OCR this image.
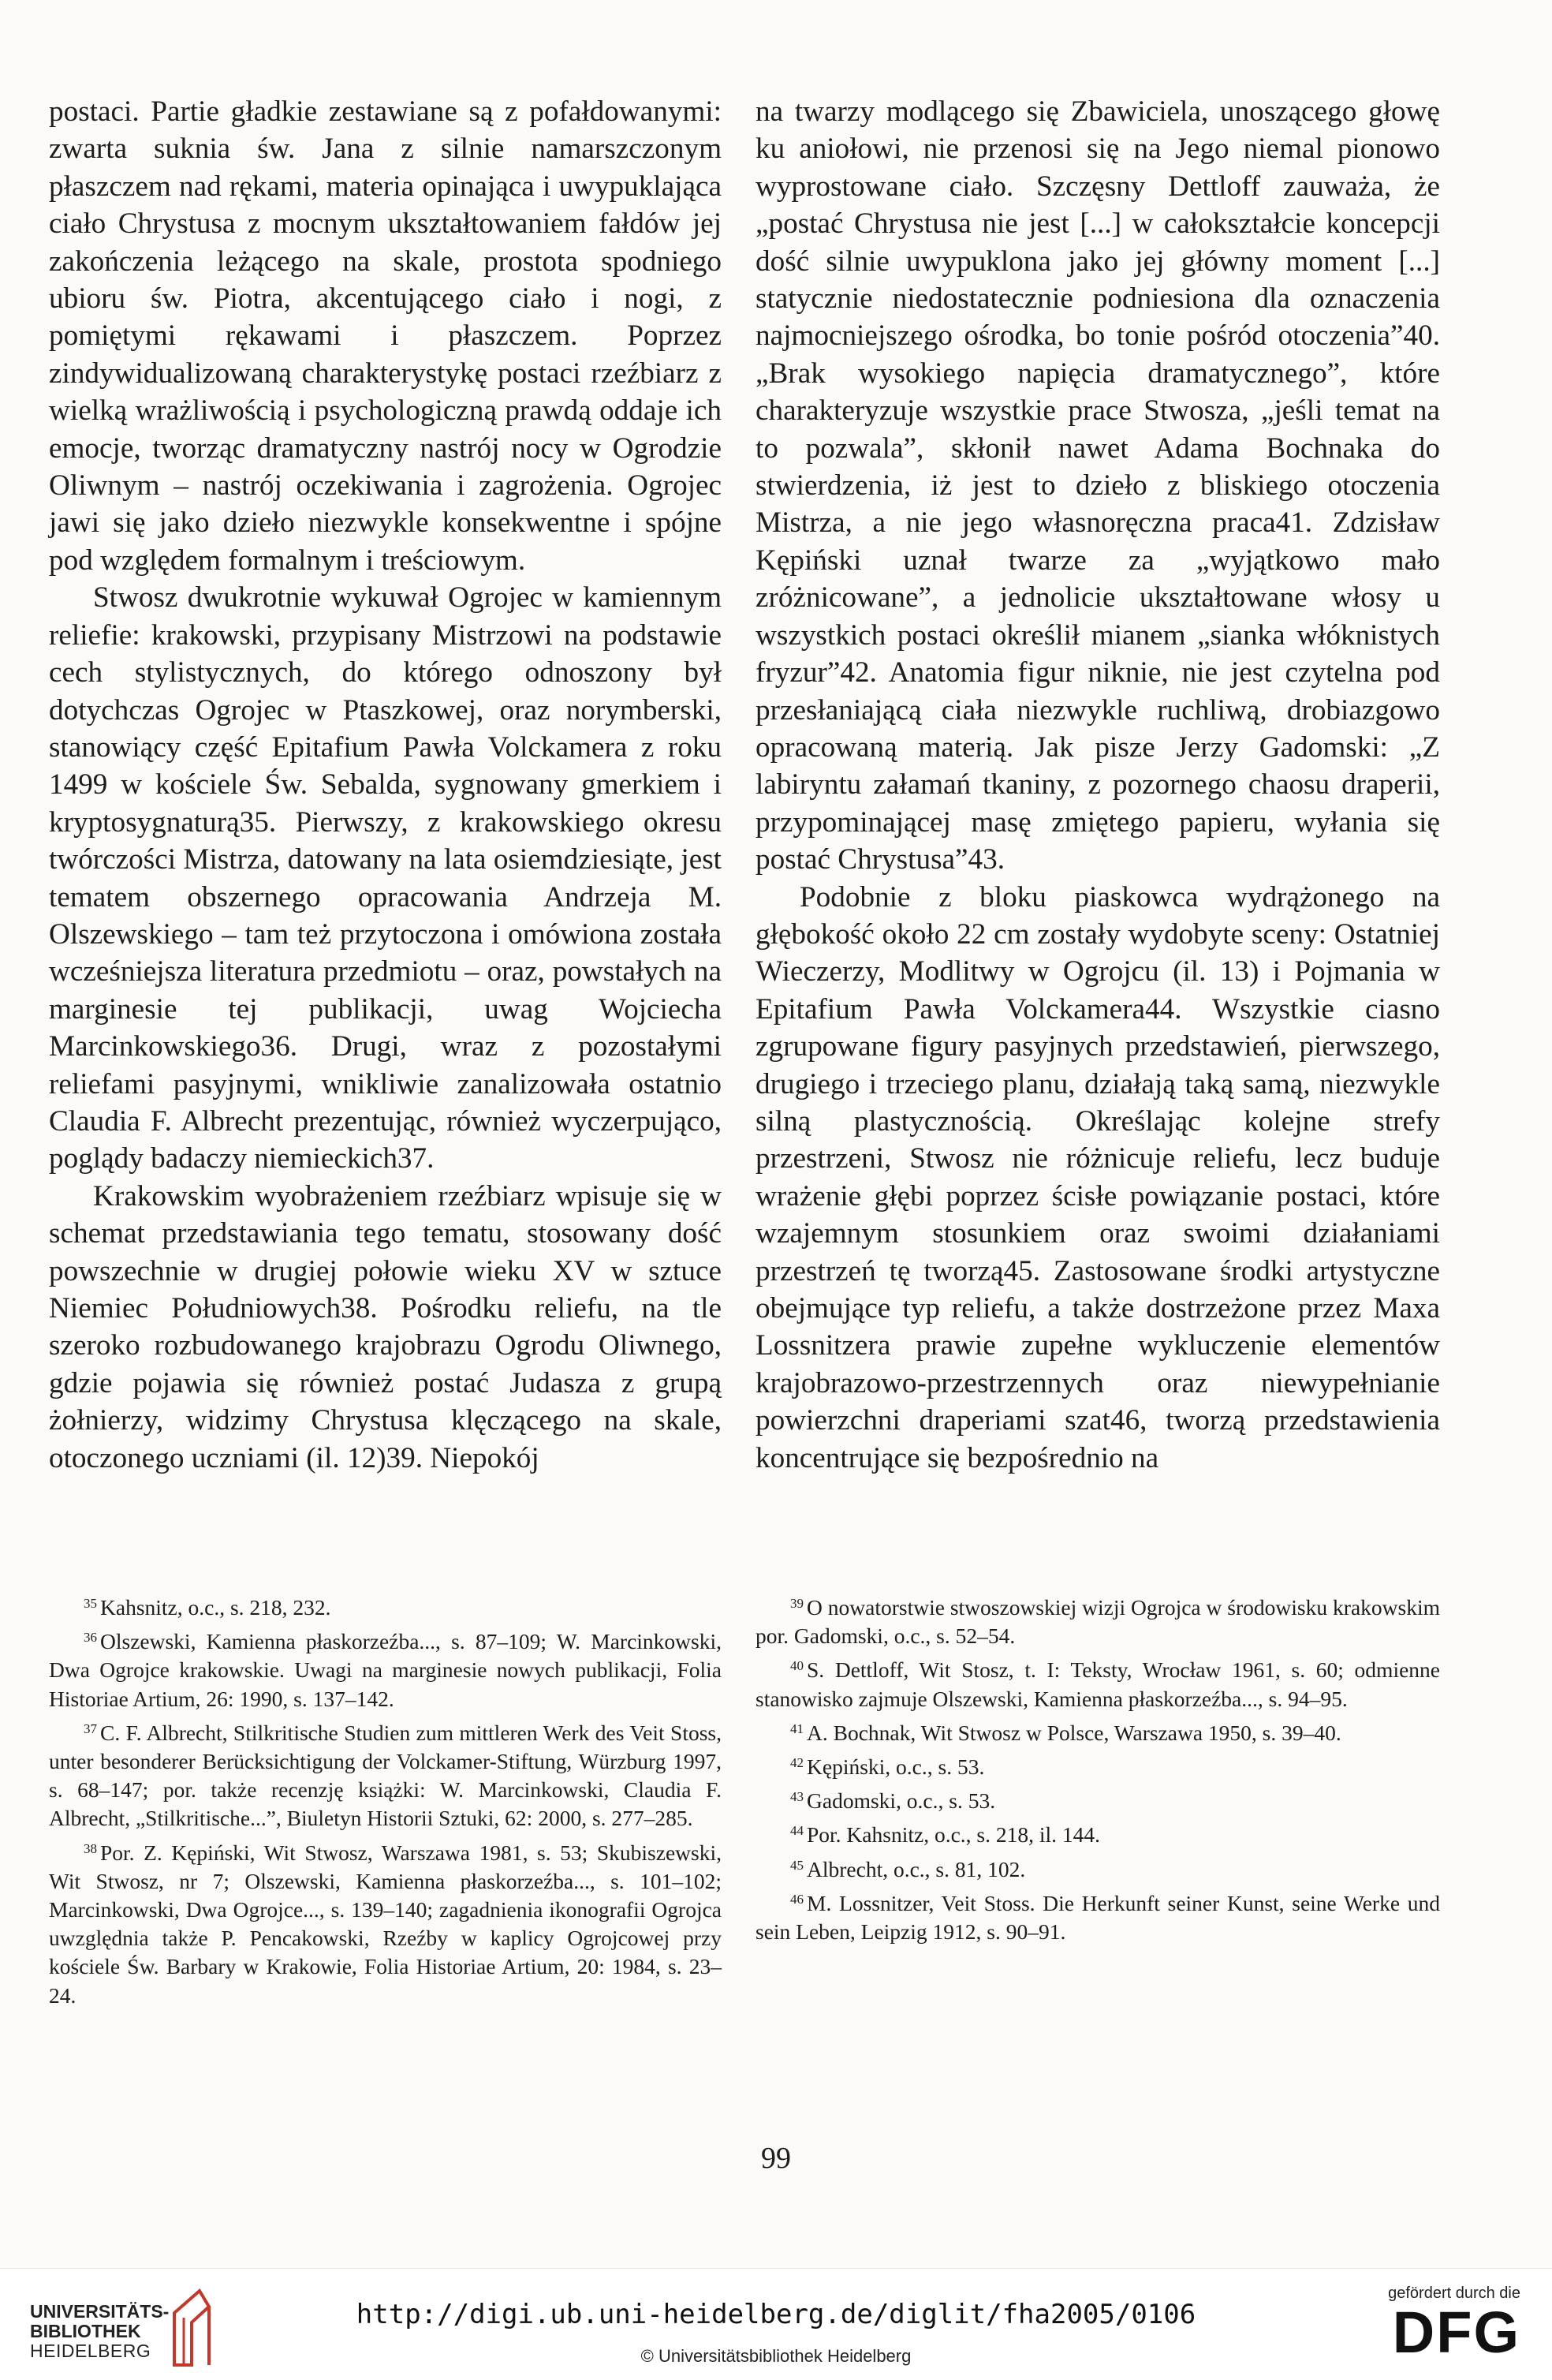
postaci. Partie gładkie zestawiane są z pofałdowanymi: zwarta suknia św. Jana z silnie namarszczonym płaszczem nad rękami, materia opinająca i uwypuklająca ciało Chrystusa z mocnym ukształtowaniem fałdów jej zakończenia leżącego na skale, prostota spodniego ubioru św. Piotra, akcentującego ciało i nogi, z pomiętymi rękawami i płaszczem. Poprzez zindywidualizowaną charakterystykę postaci rzeźbiarz z wielką wrażliwością i psychologiczną prawdą oddaje ich emocje, tworząc dramatyczny nastrój nocy w Ogrodzie Oliwnym – nastrój oczekiwania i zagrożenia. Ogrojec jawi się jako dzieło niezwykle konsekwentne i spójne pod względem formalnym i treściowym.

Stwosz dwukrotnie wykuwał Ogrojec w kamiennym reliefie: krakowski, przypisany Mistrzowi na podstawie cech stylistycznych, do którego odnoszony był dotychczas Ogrojec w Ptaszkowej, oraz norymberski, stanowiący część Epitafium Pawła Volckamera z roku 1499 w kościele Św. Sebalda, sygnowany gmerkiem i kryptosygnaturą35. Pierwszy, z krakowskiego okresu twórczości Mistrza, datowany na lata osiemdziesiąte, jest tematem obszernego opracowania Andrzeja M. Olszewskiego – tam też przytoczona i omówiona została wcześniejsza literatura przedmiotu – oraz, powstałych na marginesie tej publikacji, uwag Wojciecha Marcinkowskiego36. Drugi, wraz z pozostałymi reliefami pasyjnymi, wnikliwie zanalizowała ostatnio Claudia F. Albrecht prezentując, również wyczerpująco, poglądy badaczy niemieckich37.

Krakowskim wyobrażeniem rzeźbiarz wpisuje się w schemat przedstawiania tego tematu, stosowany dość powszechnie w drugiej połowie wieku XV w sztuce Niemiec Południowych38. Pośrodku reliefu, na tle szeroko rozbudowanego krajobrazu Ogrodu Oliwnego, gdzie pojawia się również postać Judasza z grupą żołnierzy, widzimy Chrystusa klęczącego na skale, otoczonego uczniami (il. 12)39. Niepokój

na twarzy modlącego się Zbawiciela, unoszącego głowę ku aniołowi, nie przenosi się na Jego niemal pionowo wyprostowane ciało. Szczęsny Dettloff zauważa, że „postać Chrystusa nie jest [...] w całokształcie koncepcji dość silnie uwypuklona jako jej główny moment [...] statycznie niedostatecznie podniesiona dla oznaczenia najmocniejszego ośrodka, bo tonie pośród otoczenia”40. „Brak wysokiego napięcia dramatycznego”, które charakteryzuje wszystkie prace Stwosza, „jeśli temat na to pozwala”, skłonił nawet Adama Bochnaka do stwierdzenia, iż jest to dzieło z bliskiego otoczenia Mistrza, a nie jego własnoręczna praca41. Zdzisław Kępiński uznał twarze za „wyjątkowo mało zróżnicowane”, a jednolicie ukształtowane włosy u wszystkich postaci określił mianem „sianka włóknistych fryzur”42. Anatomia figur niknie, nie jest czytelna pod przesłaniającą ciała niezwykle ruchliwą, drobiazgowo opracowaną materią. Jak pisze Jerzy Gadomski: „Z labiryntu załamań tkaniny, z pozornego chaosu draperii, przypominającej masę zmiętego papieru, wyłania się postać Chrystusa”43.

Podobnie z bloku piaskowca wydrążonego na głębokość około 22 cm zostały wydobyte sceny: Ostatniej Wieczerzy, Modlitwy w Ogrojcu (il. 13) i Pojmania w Epitafium Pawła Volckamera44. Wszystkie ciasno zgrupowane figury pasyjnych przedstawień, pierwszego, drugiego i trzeciego planu, działają taką samą, niezwykle silną plastycznością. Określając kolejne strefy przestrzeni, Stwosz nie różnicuje reliefu, lecz buduje wrażenie głębi poprzez ścisłe powiązanie postaci, które wzajemnym stosunkiem oraz swoimi działaniami przestrzeń tę tworzą45. Zastosowane środki artystyczne obejmujące typ reliefu, a także dostrzeżone przez Maxa Lossnitzera prawie zupełne wykluczenie elementów krajobrazowo-przestrzennych oraz niewypełnianie powierzchni draperiami szat46, tworzą przedstawienia koncentrujące się bezpośrednio na

$^{35}$ Kahsnitz, o.c., s. 218, 232.

$^{36}$ Olszewski, Kamienna płaskorzeźba..., s. 87–109; W. Marcinkowski, Dwa Ogrojce krakowskie. Uwagi na marginesie nowych publikacji, Folia Historiae Artium, 26: 1990, s. 137–142.

$^{37}$ C. F. Albrecht, Stilkritische Studien zum mittleren Werk des Veit Stoss, unter besonderer Berücksichtigung der Volckamer-Stiftung, Würzburg 1997, s. 68–147; por. także recenzję książki: W. Marcinkowski, Claudia F. Albrecht, „Stilkritische...”, Biuletyn Historii Sztuki, 62: 2000, s. 277–285.

$^{38}$ Por. Z. Kępiński, Wit Stwosz, Warszawa 1981, s. 53; Skubiszewski, Wit Stwosz, nr 7; Olszewski, Kamienna płaskorzeźba..., s. 101–102; Marcinkowski, Dwa Ogrojce..., s. 139–140; zagadnienia ikonografii Ogrojca uwzględnia także P. Pencakowski, Rzeźby w kaplicy Ogrojcowej przy kościele Św. Barbary w Krakowie, Folia Historiae Artium, 20: 1984, s. 23–24.

$^{39}$ O nowatorstwie stwoszowskiej wizji Ogrojca w środowisku krakowskim por. Gadomski, o.c., s. 52–54.

$^{40}$ S. Dettloff, Wit Stosz, t. I: Teksty, Wrocław 1961, s. 60; odmienne stanowisko zajmuje Olszewski, Kamienna płaskorzeźba..., s. 94–95.

$^{41}$ A. Bochnak, Wit Stwosz w Polsce, Warszawa 1950, s. 39–40.

$^{42}$ Kępiński, o.c., s. 53.

$^{43}$ Gadomski, o.c., s. 53.

$^{44}$ Por. Kahsnitz, o.c., s. 218, il. 144.

$^{45}$ Albrecht, o.c., s. 81, 102.

$^{46}$ M. Lossnitzer, Veit Stoss. Die Herkunft seiner Kunst, seine Werke und sein Leben, Leipzig 1912, s. 90–91.

99
UNIVERSITÄTS-
BIBLIOTHEK
HEIDELBERG
http://digi.ub.uni-heidelberg.de/diglit/fha2005/0106
© Universitätsbibliothek Heidelberg
gefördert durch die
DFG
